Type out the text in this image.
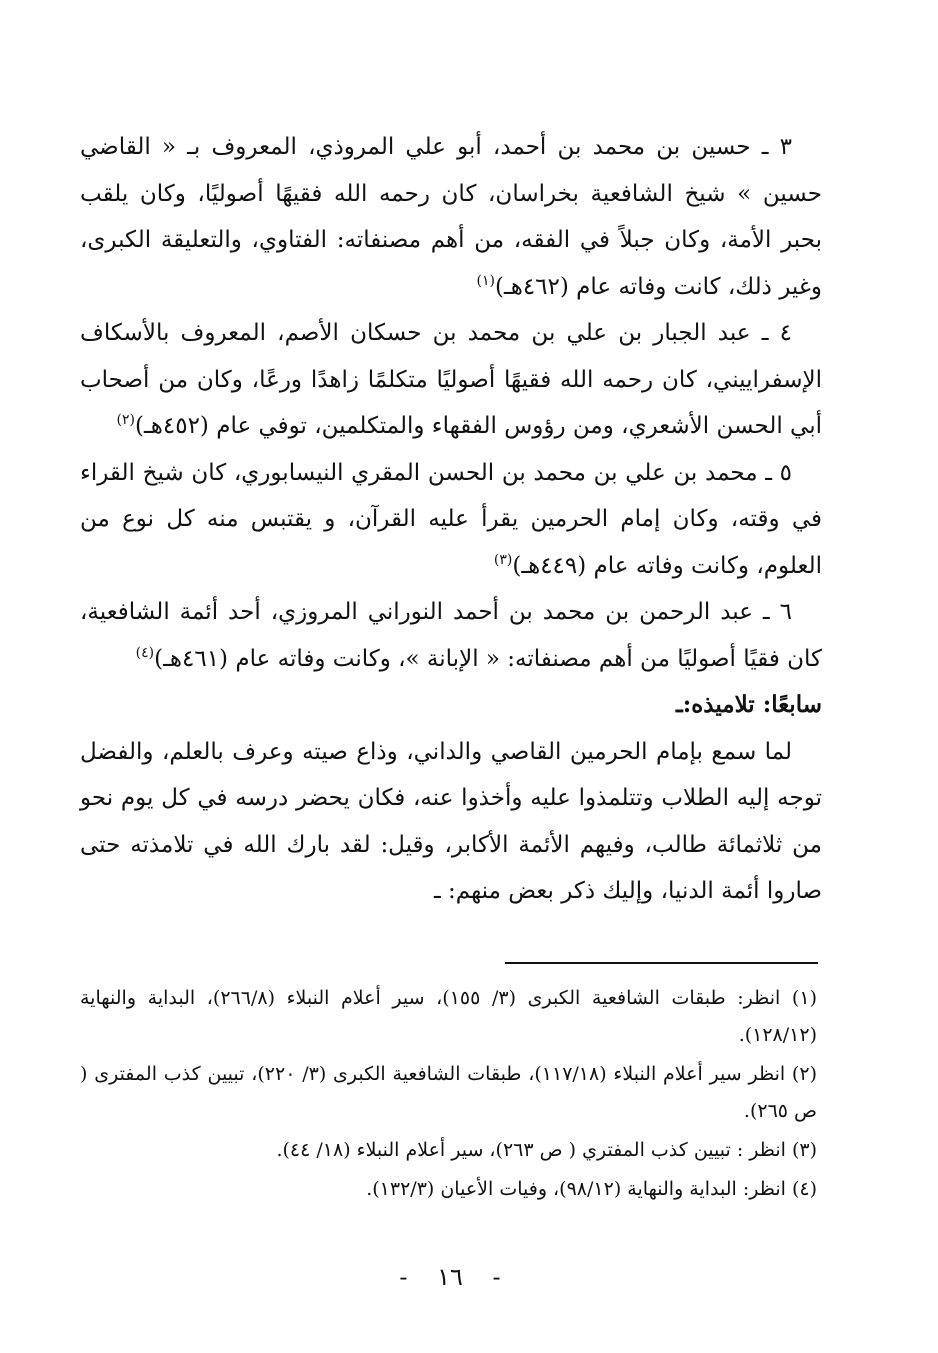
٣ ـ حسين بن محمد بن أحمد، أبو علي المروذي، المعروف بـ « القاضي حسين » شيخ الشافعية بخراسان، كان رحمه الله فقيهًا أصوليًا، وكان يلقب بحبر الأمة، وكان جبلاً في الفقه، من أهم مصنفاته: الفتاوي، والتعليقة الكبرى، وغير ذلك، كانت وفاته عام (٤٦٢هـ)$^{(١)}$

٤ ـ عبد الجبار بن علي بن محمد بن حسكان الأصم، المعروف بالأسكاف الإسفراييني، كان رحمه الله فقيهًا أصوليًا متكلمًا زاهدًا ورعًا، وكان من أصحاب أبي الحسن الأشعري، ومن رؤوس الفقهاء والمتكلمين، توفي عام (٤٥٢هـ)$^{(٢)}$

٥ ـ محمد بن علي بن محمد بن الحسن المقري النيسابوري، كان شيخ القراء في وقته، وكان إمام الحرمين يقرأ عليه القرآن، و يقتبس منه كل نوع من العلوم، وكانت وفاته عام (٤٤٩هـ)$^{(٣)}$

٦ ـ عبد الرحمن بن محمد بن أحمد النوراني المروزي، أحد أئمة الشافعية، كان فقيًا أصوليًا من أهم مصنفاته: « الإبانة »، وكانت وفاته عام (٤٦١هـ)$^{(٤)}$

سابعًا: تلاميذه:ـ

لما سمع بإمام الحرمين القاصي والداني، وذاع صيته وعرف بالعلم، والفضل توجه إليه الطلاب وتتلمذوا عليه وأخذوا عنه، فكان يحضر درسه في كل يوم نحو من ثلاثمائة طالب، وفيهم الأئمة الأكابر، وقيل: لقد بارك الله في تلامذته حتى صاروا أئمة الدنيا، وإليك ذكر بعض منهم: ـ

(١) انظر: طبقات الشافعية الكبرى (٣/ ١٥٥)، سير أعلام النبلاء (٢٦٦/٨)، البداية والنهاية (١٢٨/١٢).

(٢) انظر سير أعلام النبلاء (١١٧/١٨)، طبقات الشافعية الكبرى (٣/ ٢٢٠)، تبيين كذب المفترى ( ص ٢٦٥).

(٣) انظر : تبيين كذب المفتري ( ص ٢٦٣)، سير أعلام النبلاء (١٨/ ٤٤).

(٤) انظر: البداية والنهاية (٩٨/١٢)، وفيات الأعيان (١٣٢/٣).

- ١٦ -
